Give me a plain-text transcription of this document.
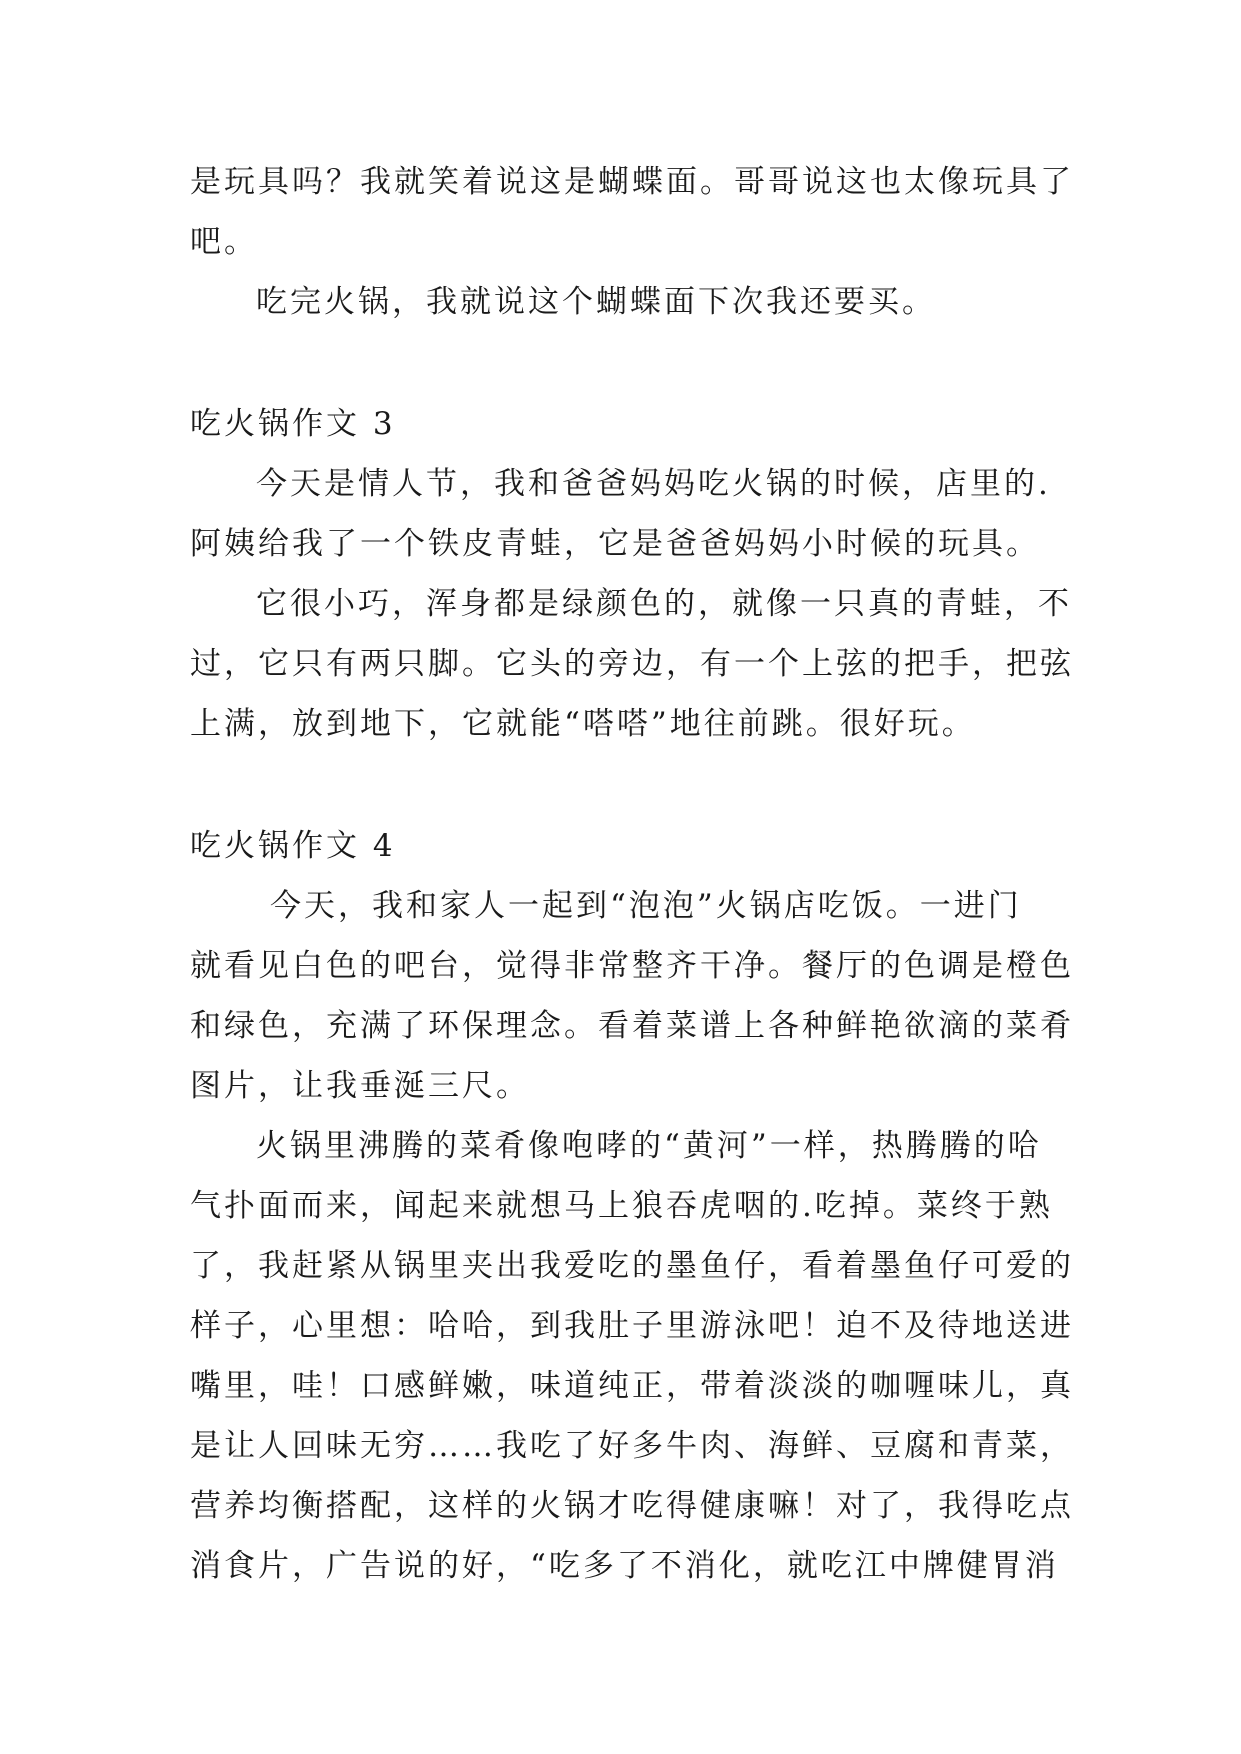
是玩具吗？我就笑着说这是蝴蝶面。哥哥说这也太像玩具了
吧。
吃完火锅，我就说这个蝴蝶面下次我还要买。
吃火锅作文 3
今天是情人节，我和爸爸妈妈吃火锅的时候，店里的.
阿姨给我了一个铁皮青蛙，它是爸爸妈妈小时候的玩具。
它很小巧，浑身都是绿颜色的，就像一只真的青蛙，不
过，它只有两只脚。它头的旁边，有一个上弦的把手，把弦
上满，放到地下，它就能“嗒嗒”地往前跳。很好玩。
吃火锅作文 4
今天，我和家人一起到“泡泡”火锅店吃饭。一进门
就看见白色的吧台，觉得非常整齐干净。餐厅的色调是橙色
和绿色，充满了环保理念。看着菜谱上各种鲜艳欲滴的菜肴
图片，让我垂涎三尺。
火锅里沸腾的菜肴像咆哮的“黄河”一样，热腾腾的哈
气扑面而来，闻起来就想马上狼吞虎咽的.吃掉。菜终于熟
了，我赶紧从锅里夹出我爱吃的墨鱼仔，看着墨鱼仔可爱的
样子，心里想：哈哈，到我肚子里游泳吧！迫不及待地送进
嘴里，哇！口感鲜嫩，味道纯正，带着淡淡的咖喱味儿，真
是让人回味无穷……我吃了好多牛肉、海鲜、豆腐和青菜，
营养均衡搭配，这样的火锅才吃得健康嘛！对了，我得吃点
消食片，广告说的好，“吃多了不消化，就吃江中牌健胃消
